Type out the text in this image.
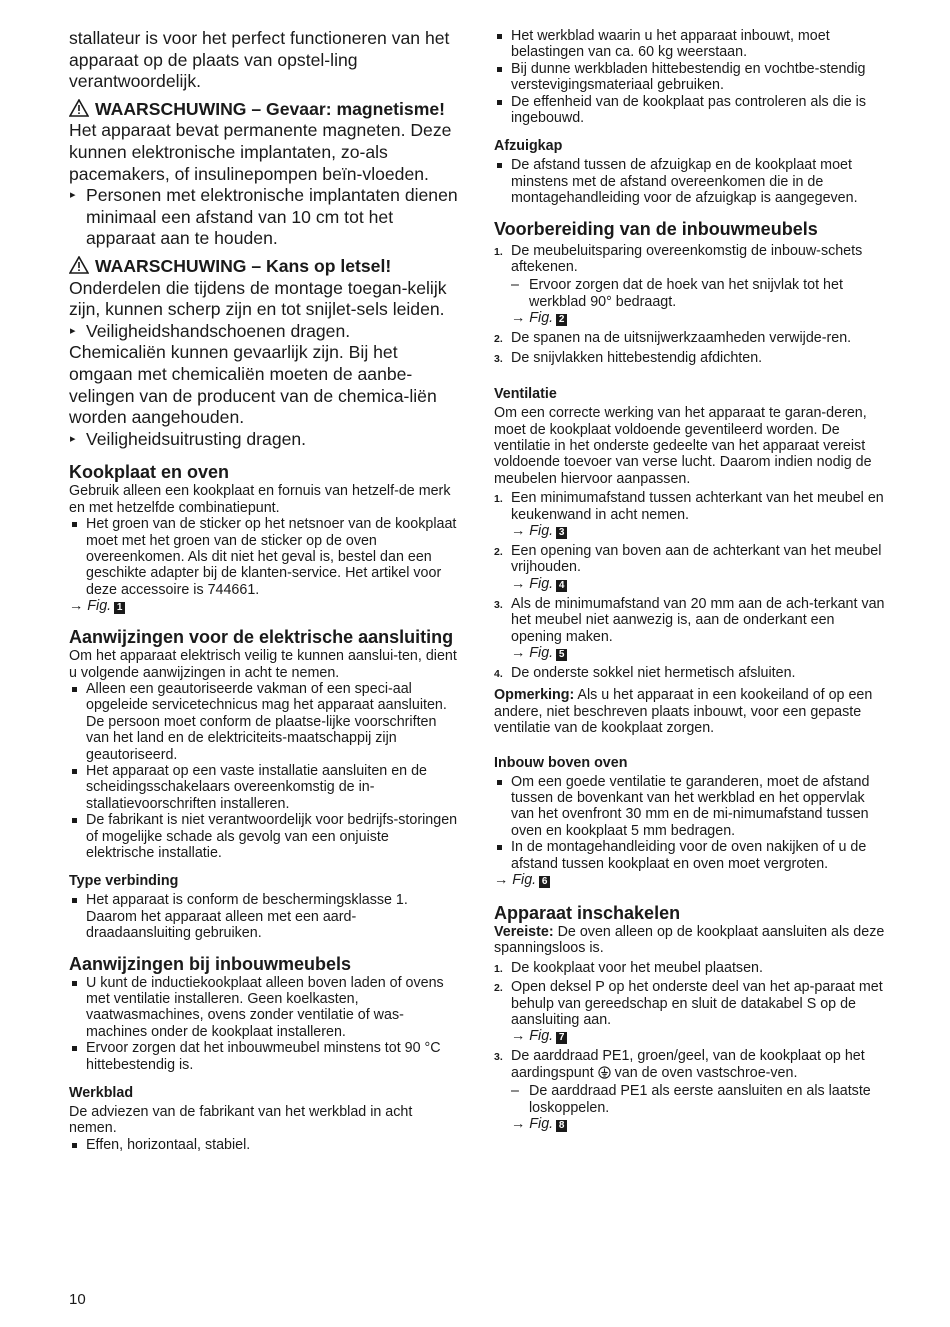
stallateur is voor het perfect functioneren van het apparaat op de plaats van opstel-ling verantwoordelijk.

WAARSCHUWING – Gevaar: magnetisme!

Het apparaat bevat permanente magneten. Deze kunnen elektronische implantaten, zo-als pacemakers, of insulinepompen beïn-vloeden.

▸ Personen met elektronische implantaten dienen minimaal een afstand van 10 cm tot het apparaat aan te houden.

WAARSCHUWING – Kans op letsel!

Onderdelen die tijdens de montage toegan-kelijk zijn, kunnen scherp zijn en tot snijlet-sels leiden.

▸ Veiligheidshandschoenen dragen.

Chemicaliën kunnen gevaarlijk zijn. Bij het omgaan met chemicaliën moeten de aanbe-velingen van de producent van de chemica-liën worden aangehouden.

▸ Veiligheidsuitrusting dragen.

Kookplaat en oven

Gebruik alleen een kookplaat en fornuis van hetzelf-de merk en met hetzelfde combinatiepunt.

Het groen van de sticker op het netsnoer van de kookplaat moet met het groen van de sticker op de oven overeenkomen. Als dit niet het geval is, bestel dan een geschikte adapter bij de klanten-service. Het artikel voor deze accessoire is 744661.
→ Fig. 1
Aanwijzingen voor de elektrische aansluiting

Om het apparaat elektrisch veilig te kunnen aanslui-ten, dient u volgende aanwijzingen in acht te nemen.

Alleen een geautoriseerde vakman of een speci-aal opgeleide servicetechnicus mag het apparaat aansluiten. De persoon moet conform de plaatse-lijke voorschriften van het land en de elektriciteits-maatschappij zijn geautoriseerd.
Het apparaat op een vaste installatie aansluiten en de scheidingsschakelaars overeenkomstig de in-stallatievoorschriften installeren.
De fabrikant is niet verantwoordelijk voor bedrijfs-storingen of mogelijke schade als gevolg van een onjuiste elektrische installatie.
Type verbinding
Het apparaat is conform de beschermingsklasse 1. Daarom het apparaat alleen met een aard-draadaansluiting gebruiken.
Aanwijzingen bij inbouwmeubels
U kunt de inductiekookplaat alleen boven laden of ovens met ventilatie installeren. Geen koelkasten, vaatwasmachines, ovens zonder ventilatie of was-machines onder de kookplaat installeren.
Ervoor zorgen dat het inbouwmeubel minstens tot 90 °C hittebestendig is.
Werkblad

De adviezen van de fabrikant van het werkblad in acht nemen.

Effen, horizontaal, stabiel.
Het werkblad waarin u het apparaat inbouwt, moet belastingen van ca. 60 kg weerstaan.
Bij dunne werkbladen hittebestendig en vochtbe-stendig verstevigingsmateriaal gebruiken.
De effenheid van de kookplaat pas controleren als die is ingebouwd.
Afzuigkap
De afstand tussen de afzuigkap en de kookplaat moet minstens met de afstand overeenkomen die in de montagehandleiding voor de afzuigkap is aangegeven.
Voorbereiding van de inbouwmeubels
1. De meubeluitsparing overeenkomstig de inbouw-schets aftekenen.
– Ervoor zorgen dat de hoek van het snijvlak tot het werkblad 90° bedraagt.
→ Fig. 2
2. De spanen na de uitsnijwerkzaamheden verwijde-ren.
3. De snijvlakken hittebestendig afdichten.
Ventilatie

Om een correcte werking van het apparaat te garan-deren, moet de kookplaat voldoende geventileerd worden. De ventilatie in het onderste gedeelte van het apparaat vereist voldoende toevoer van verse lucht. Daarom indien nodig de meubelen hiervoor aanpassen.

1. Een minimumafstand tussen achterkant van het meubel en keukenwand in acht nemen.
→ Fig. 3
2. Een opening van boven aan de achterkant van het meubel vrijhouden.
→ Fig. 4
3. Als de minimumafstand van 20 mm aan de ach-terkant van het meubel niet aanwezig is, aan de onderkant een opening maken.
→ Fig. 5
4. De onderste sokkel niet hermetisch afsluiten.

Opmerking: Als u het apparaat in een kookeiland of op een andere, niet beschreven plaats inbouwt, voor een gepaste ventilatie van de kookplaat zorgen.

Inbouw boven oven
Om een goede ventilatie te garanderen, moet de afstand tussen de bovenkant van het werkblad en het oppervlak van het ovenfront 30 mm en de mi-nimumafstand tussen oven en kookplaat 5 mm bedragen.
In de montagehandleiding voor de oven nakijken of u de afstand tussen kookplaat en oven moet vergroten.
→ Fig. 6
Apparaat inschakelen

Vereiste: De oven alleen op de kookplaat aansluiten als deze spanningsloos is.

1. De kookplaat voor het meubel plaatsen.
2. Open deksel P op het onderste deel van het ap-paraat met behulp van gereedschap en sluit de datakabel S op de aansluiting aan.
→ Fig. 7
3. De aarddraad PE1, groen/geel, van de kookplaat op het aardingspunt van de oven vastschroe-ven.
– De aarddraad PE1 als eerste aansluiten en als laatste loskoppelen.
→ Fig. 8
10
